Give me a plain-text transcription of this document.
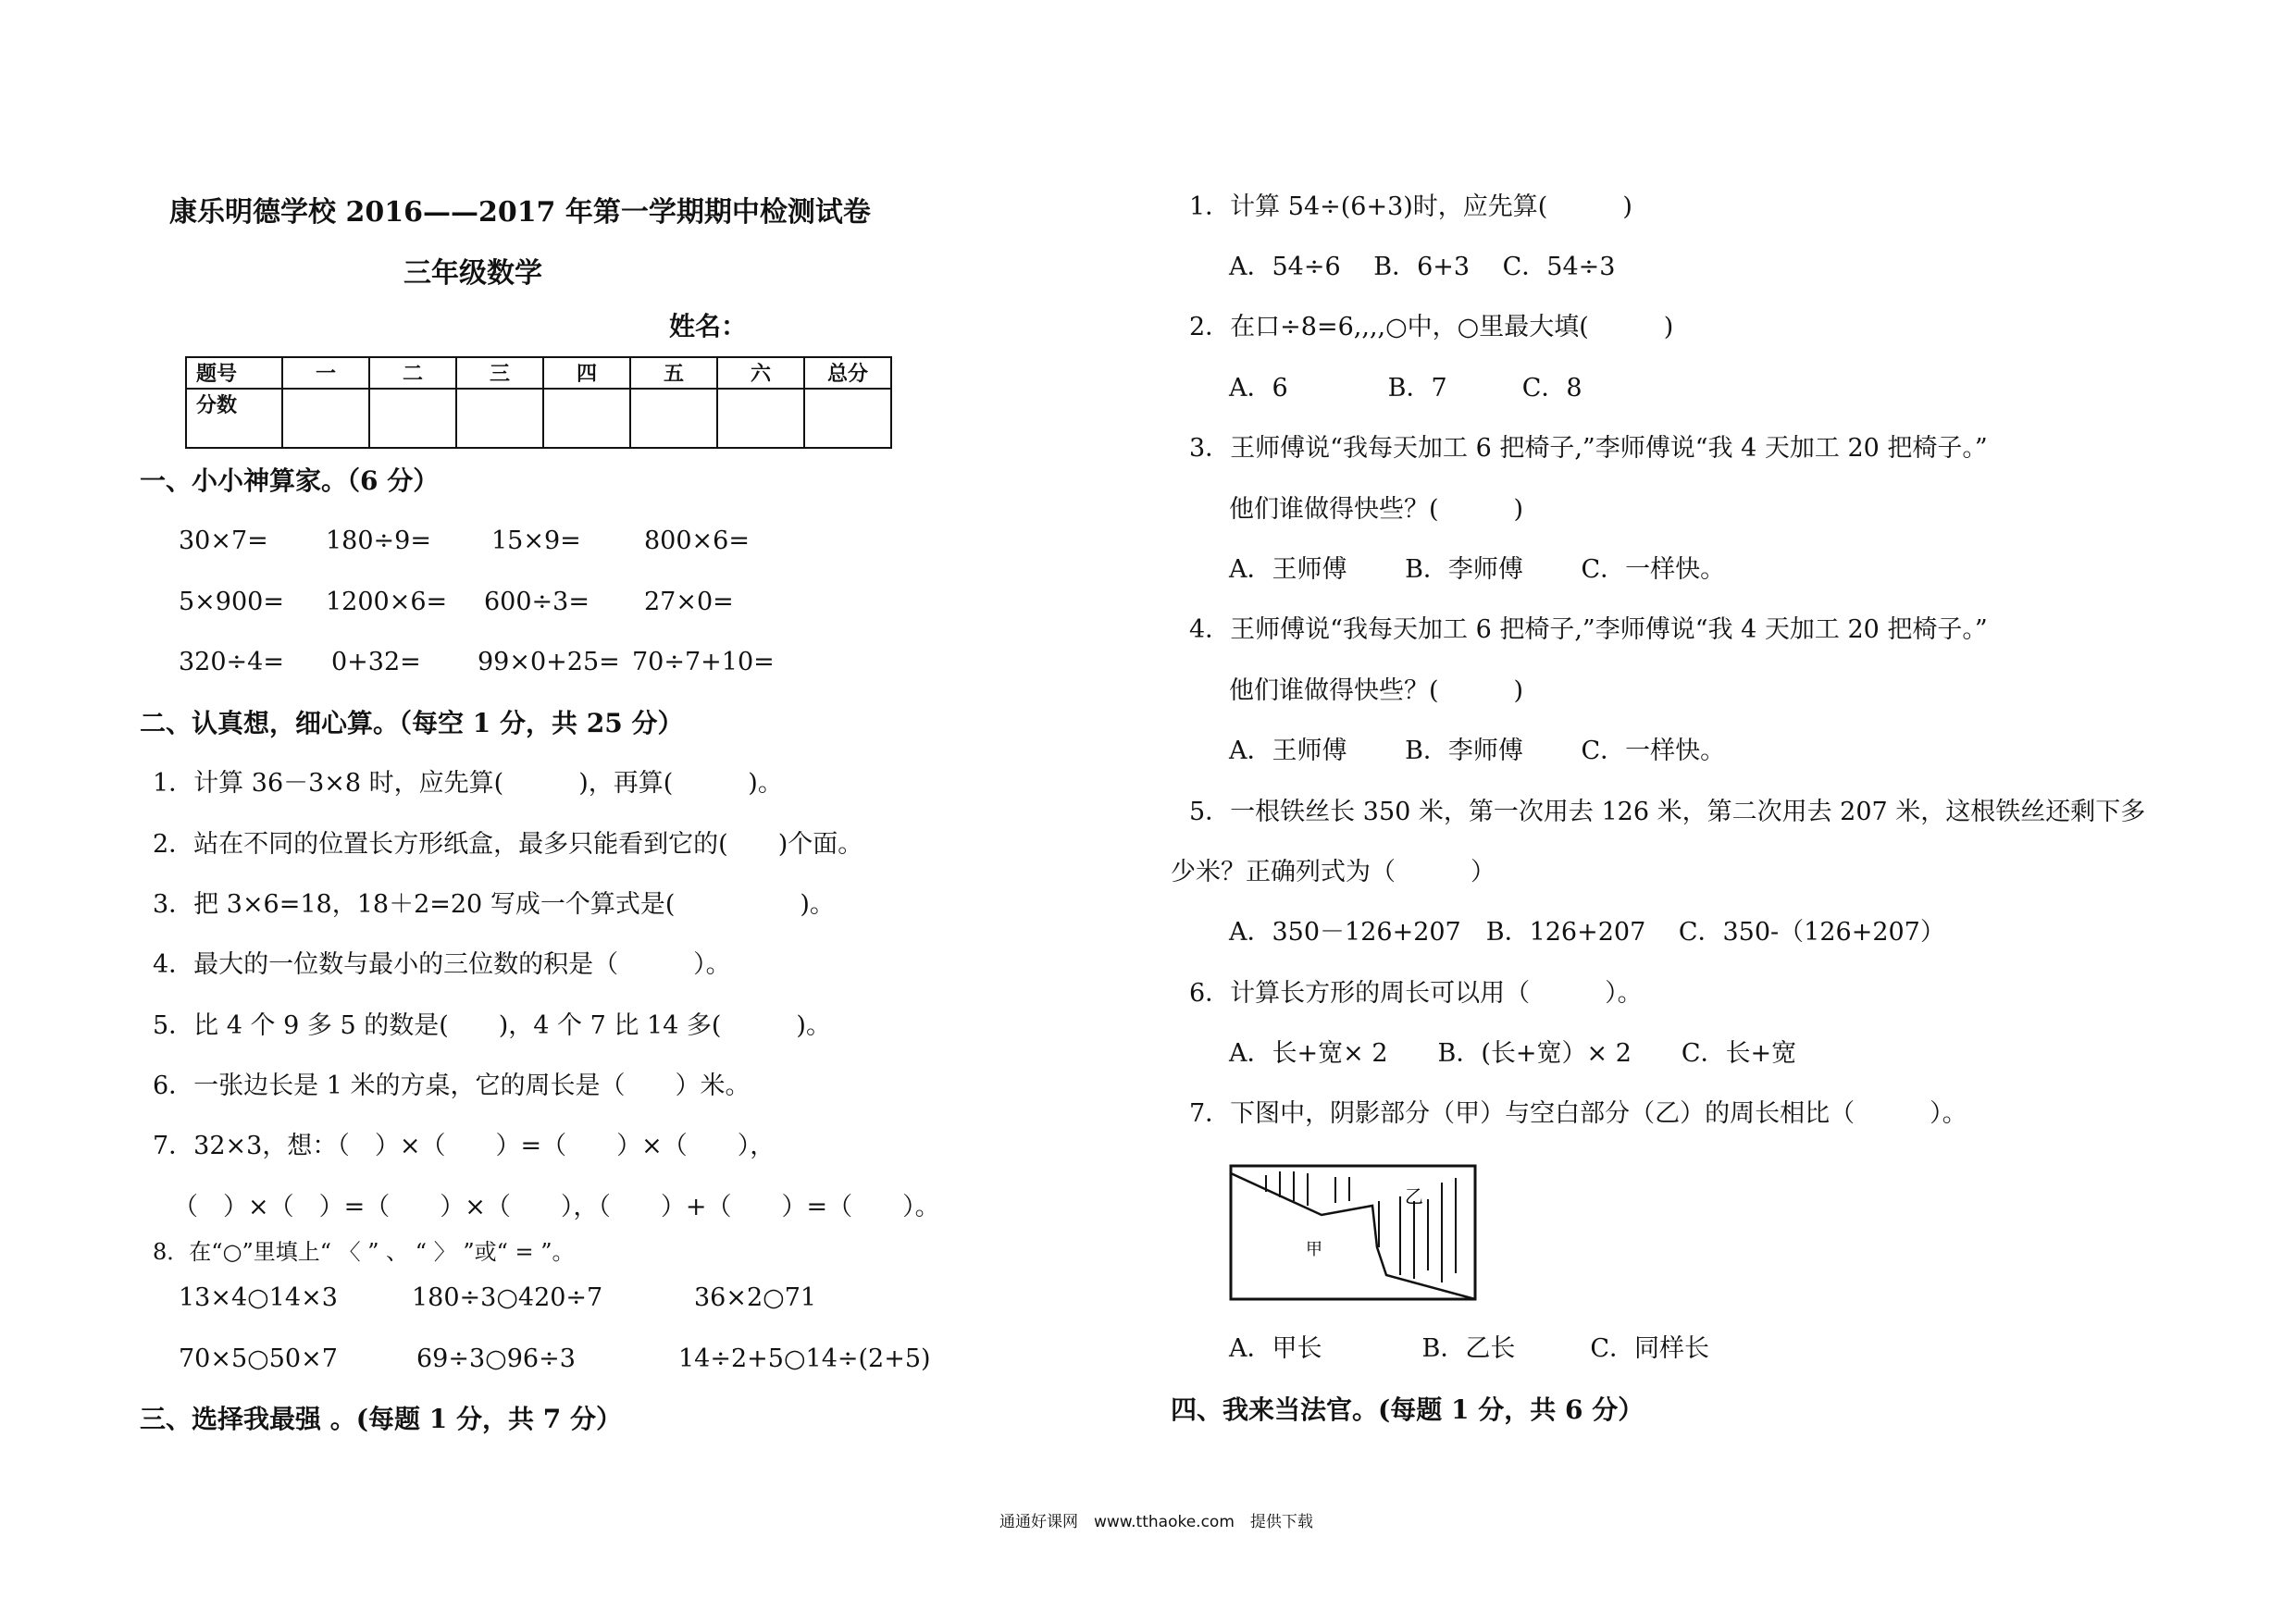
康乐明德学校 2016——2017 年第一学期期中检测试卷
三年级数学
姓名：
题号	一	二	三	四	五	六	总分
分数							
一、小小神算家。（6 分）
30×7= 180÷9= 15×9=	800×6=
5×900= 1200×6= 600÷3= 27×0=
320÷4= 0+32= 99×0+25= 70÷7+10=
二、认真想，细心算。（每空 1 分，共 25 分）
1．计算 36－3×8 时，应先算(　　　)，再算(　　　)。
2．站在不同的位置长方形纸盒，最多只能看到它的(　　)个面。
3．把 3×6=18，18＋2=20 写成一个算式是(　　　　　)。
4．最大的一位数与最小的三位数的积是（　　　）。
5．比 4 个 9 多 5 的数是(　　)，4 个 7 比 14 多(　　　)。
6．一张边长是 1 米的方桌，它的周长是（　　）米。
7．32×3，想：（　）×（　　）=（　　）×（　　），
（　）×（　）=（　　）×（　　），（　　）+（　　）=（　　）。
8．在“○”里填上“ 〈 ” 、 “ 〉 ”或“ = ”。
13×4○14×3	180÷3○420÷7	36×2○71
70×5○50×7	69÷3○96÷3	14÷2+5○14÷(2+5)
三、选择我最强 。(每题 1 分，共 7 分）
1．计算 54÷(6+3)时，应先算(　　　)
A．54÷6　 B．6+3　 C．54÷3
2．在口÷8=6,,,,○中，○里最大填(　　　)
A．6　　　　B．7　　　C．8
3．王师傅说“我每天加工 6 把椅子,”李师傅说“我 4 天加工 20 把椅子。”
他们谁做得快些？(　　　)
A．王师傅　　 B．李师傅　　 C．一样快。
4．王师傅说“我每天加工 6 把椅子,”李师傅说“我 4 天加工 20 把椅子。”
他们谁做得快些？(　　　)
A．王师傅　　 B．李师傅　　 C．一样快。
5．一根铁丝长 350 米，第一次用去 126 米，第二次用去 207 米，这根铁丝还剩下多
少米？正确列式为（　　　）
A．350－126+207　B．126+207　 C．350-（126+207）
6．计算长方形的周长可以用（　　　）。
A．长+宽× 2　　B．(长+宽）× 2　　C．长+宽
7．下图中，阴影部分（甲）与空白部分（乙）的周长相比（　　　）。
甲
乙
A．甲长　　　　B．乙长　　　C．同样长
四、我来当法官。(每题 1 分，共 6 分）
通通好课网　www.tthaoke.com　提供下载
